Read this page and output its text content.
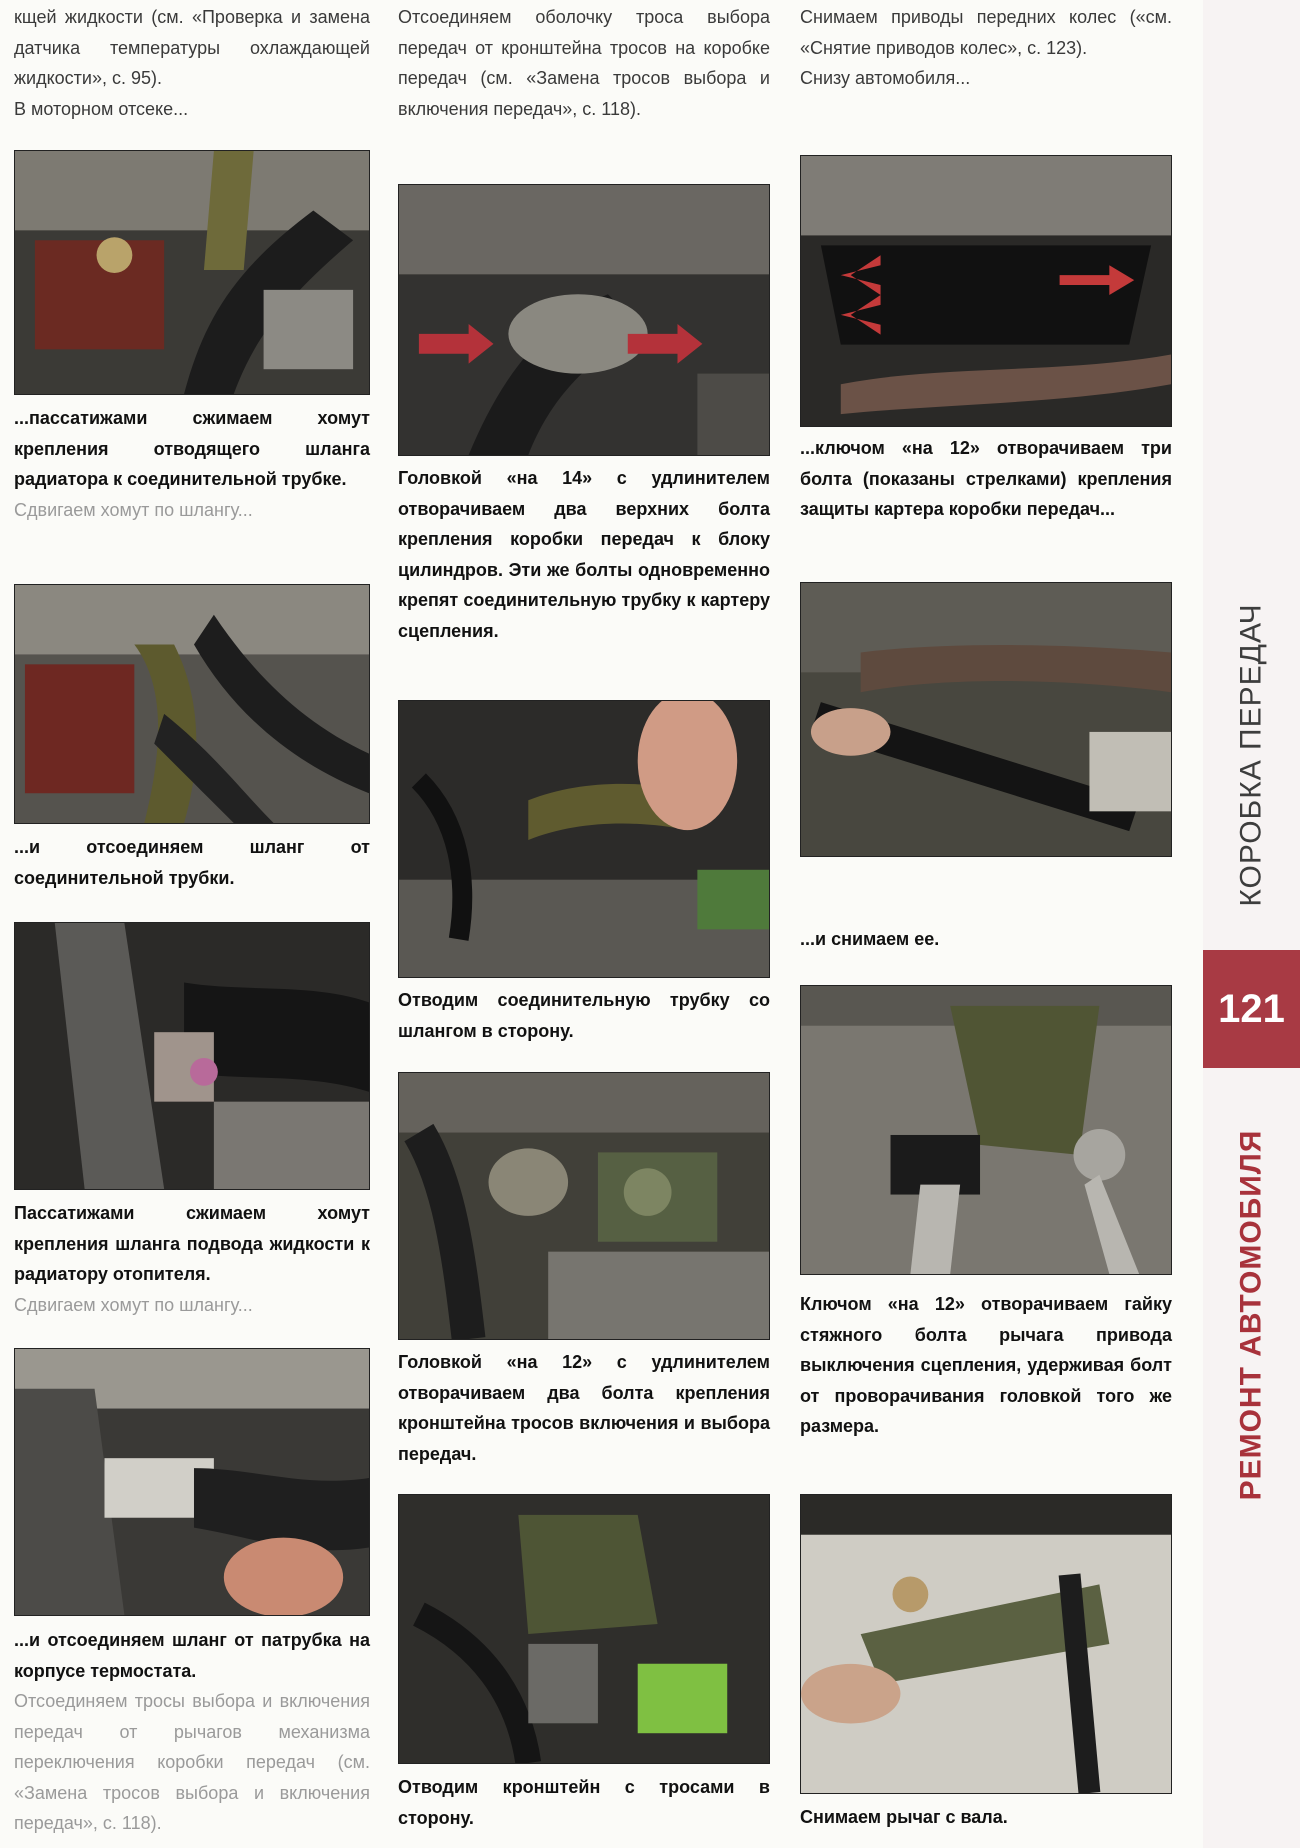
кщей жидкости (см. «Проверка и замена датчика температуры охлаждающей жидкости», с. 95).
В моторном отсеке...
...пассатижами сжимаем хомут крепления отводящего шланга радиатора к соединительной трубке.
Сдвигаем хомут по шлангу...
...и отсоединяем шланг от соединительной трубки.
Пассатижами сжимаем хомут крепления шланга подвода жидкости к радиатору отопителя.
Сдвигаем хомут по шлангу...
...и отсоединяем шланг от патрубка на корпусе термостата.
Отсоединяем тросы выбора и включения передач от рычагов механизма переключения коробки передач (см. «Замена тросов выбора и включения передач», с. 118).
Отсоединяем оболочку троса выбора передач от кронштейна тросов на коробке передач (см. «Замена тросов выбора и включения передач», с. 118).
Головкой «на 14» с удлинителем отворачиваем два верхних болта крепления коробки передач к блоку цилиндров. Эти же болты одновременно крепят соединительную трубку к картеру сцепления.
Отводим соединительную трубку со шлангом в сторону.
Головкой «на 12» с удлинителем отворачиваем два болта крепления кронштейна тросов включения и выбора передач.
Отводим кронштейн с тросами в сторону.
Снимаем приводы передних колес («см. «Снятие приводов колес», с. 123).
Снизу автомобиля...
...ключом «на 12» отворачиваем три болта (показаны стрелками) крепления защиты картера коробки передач...
...и снимаем ее.
Ключом «на 12» отворачиваем гайку стяжного болта рычага привода выключения сцепления, удерживая болт от проворачивания головкой того же размера.
Снимаем рычаг с вала.
КОРОБКА ПЕРЕДАЧ
121
РЕМОНТ АВТОМОБИЛЯ
